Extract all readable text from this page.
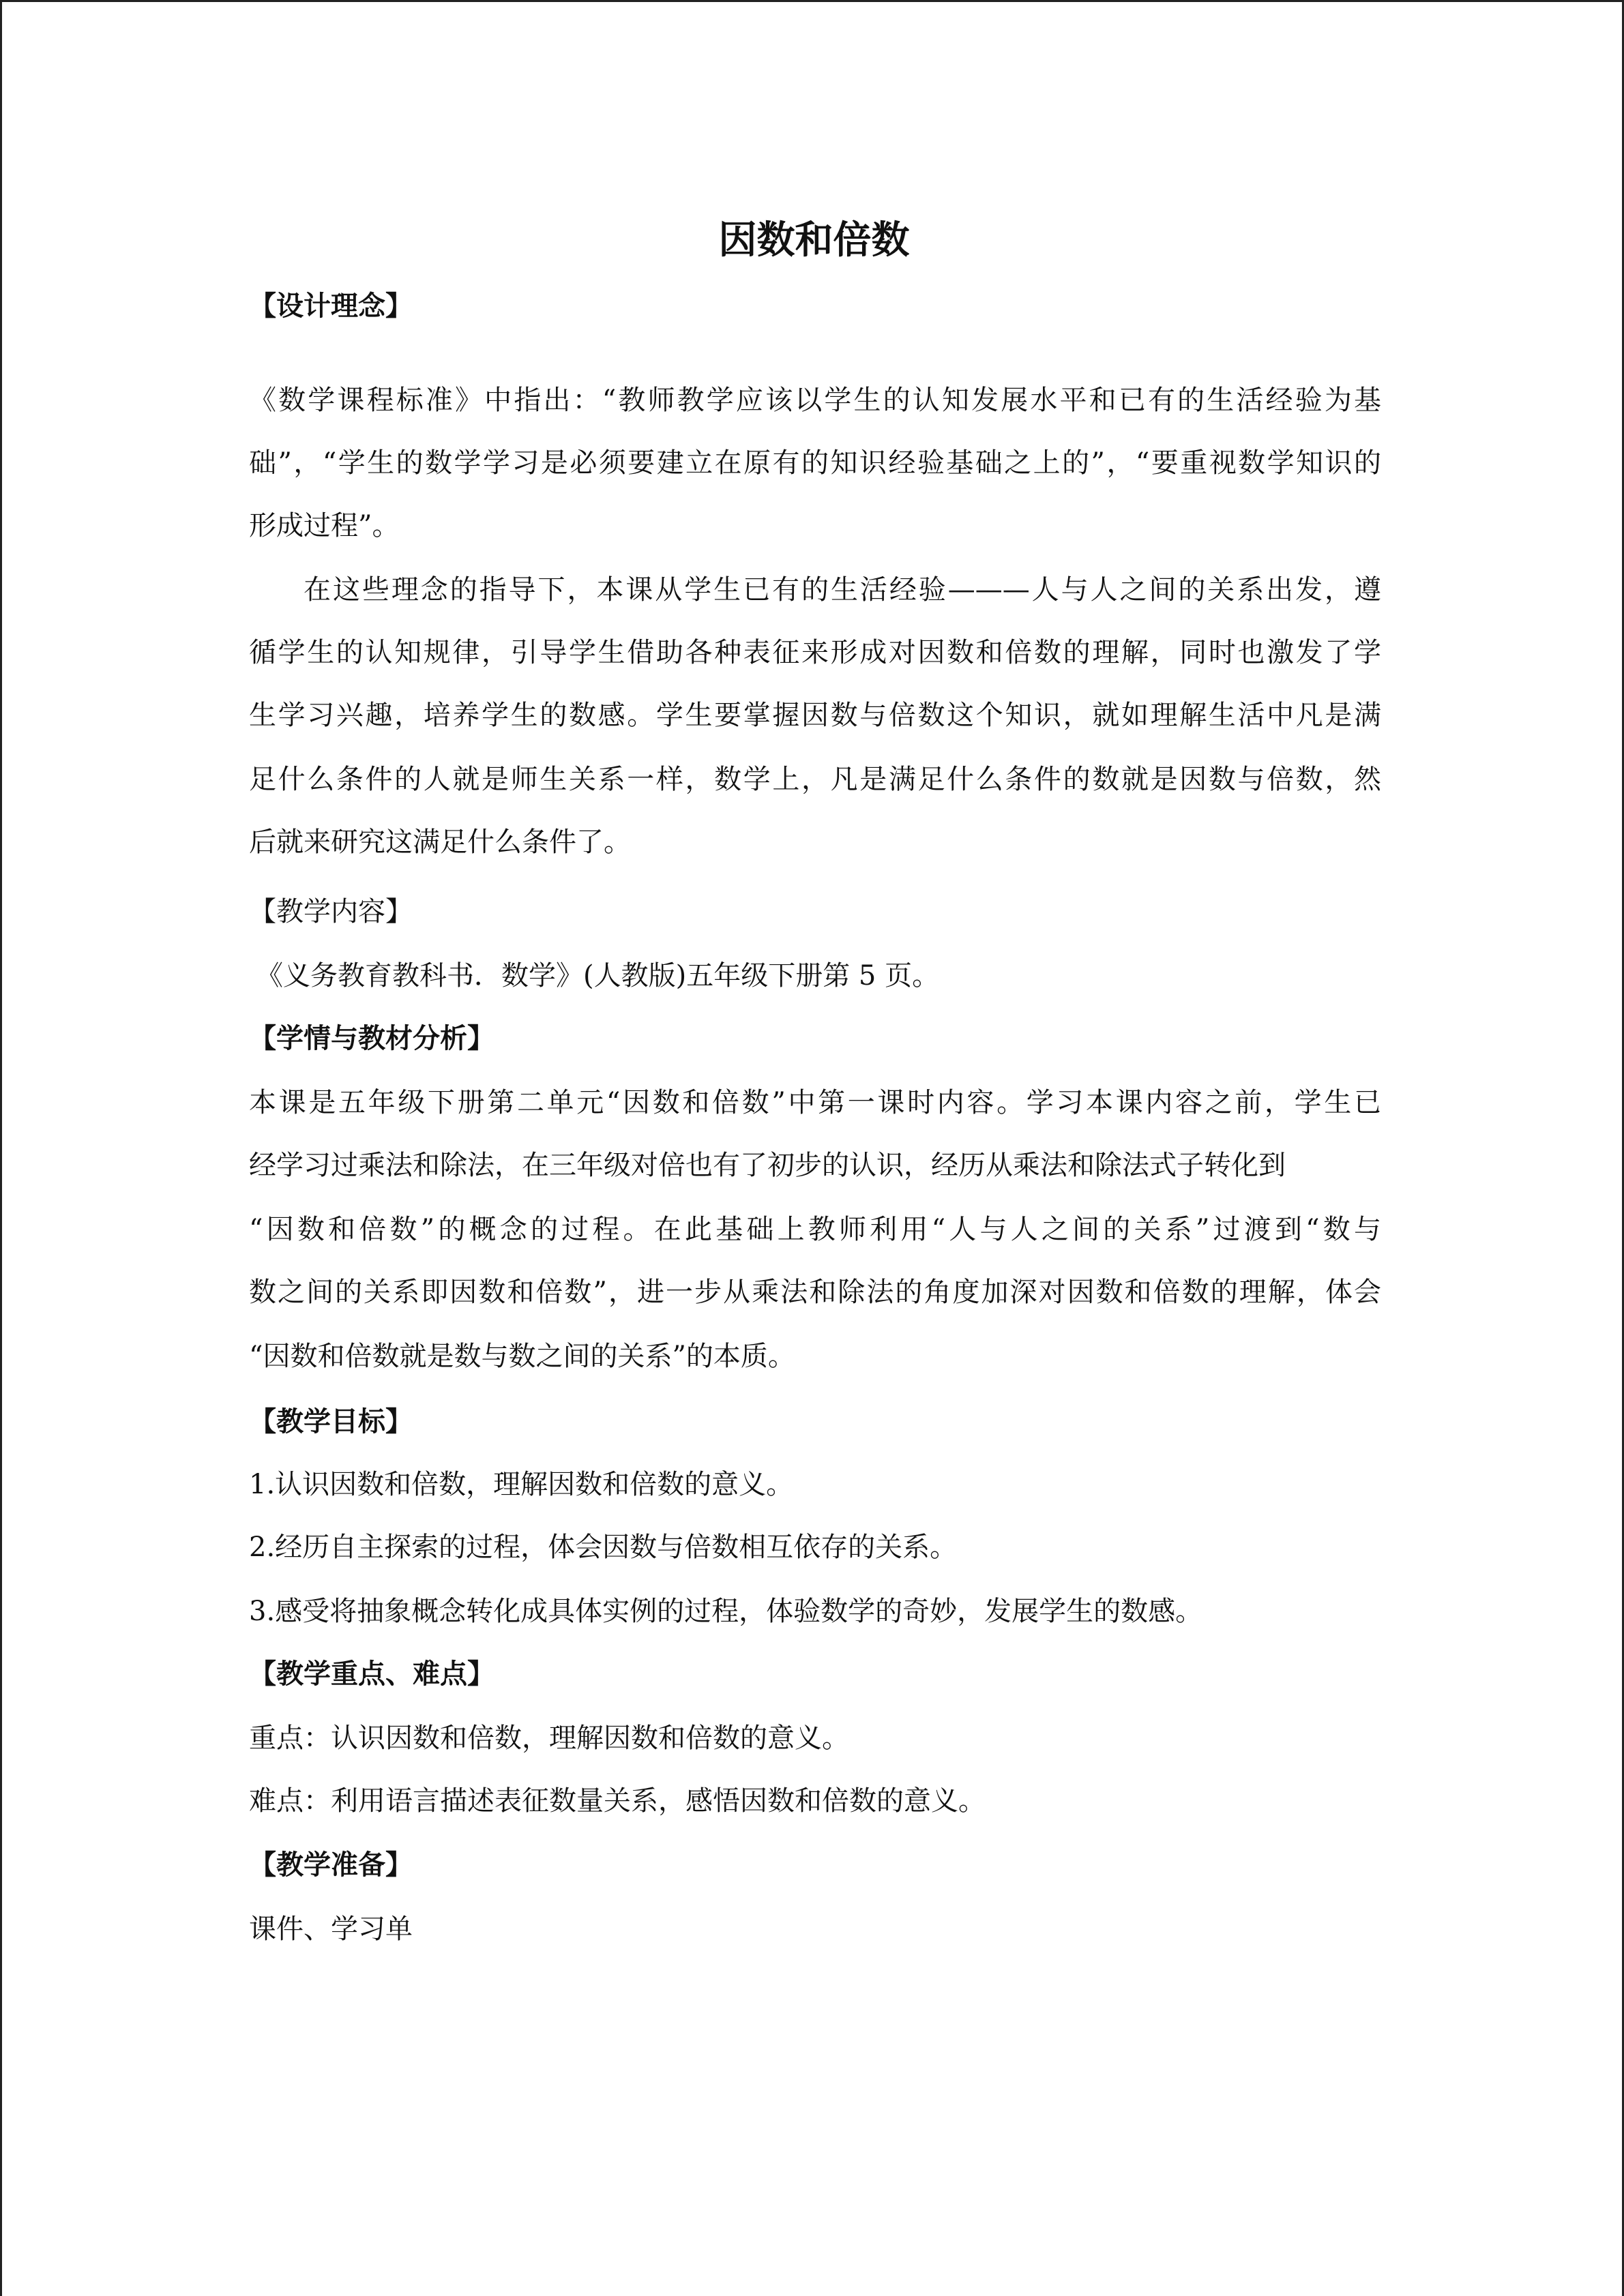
因数和倍数
【设计理念】
《数学课程标准》中指出：“教师教学应该以学生的认知发展水平和已有的生活经验为基
础”，“学生的数学学习是必须要建立在原有的知识经验基础之上的”，“要重视数学知识的
形成过程”。
在这些理念的指导下，本课从学生已有的生活经验———人与人之间的关系出发，遵
循学生的认知规律，引导学生借助各种表征来形成对因数和倍数的理解，同时也激发了学
生学习兴趣，培养学生的数感。学生要掌握因数与倍数这个知识，就如理解生活中凡是满
足什么条件的人就是师生关系一样，数学上，凡是满足什么条件的数就是因数与倍数，然
后就来研究这满足什么条件了。
【教学内容】
《义务教育教科书．数学》(人教版)五年级下册第 5 页。
【学情与教材分析】
本课是五年级下册第二单元“因数和倍数”中第一课时内容。学习本课内容之前，学生已
经学习过乘法和除法，在三年级对倍也有了初步的认识，经历从乘法和除法式子转化到
“因数和倍数”的概念的过程。在此基础上教师利用“人与人之间的关系”过渡到“数与
数之间的关系即因数和倍数”，进一步从乘法和除法的角度加深对因数和倍数的理解，体会
“因数和倍数就是数与数之间的关系”的本质。
【教学目标】
1.认识因数和倍数，理解因数和倍数的意义。
2.经历自主探索的过程，体会因数与倍数相互依存的关系。
3.感受将抽象概念转化成具体实例的过程，体验数学的奇妙，发展学生的数感。
【教学重点、难点】
重点：认识因数和倍数，理解因数和倍数的意义。
难点：利用语言描述表征数量关系，感悟因数和倍数的意义。
【教学准备】
课件、学习单
